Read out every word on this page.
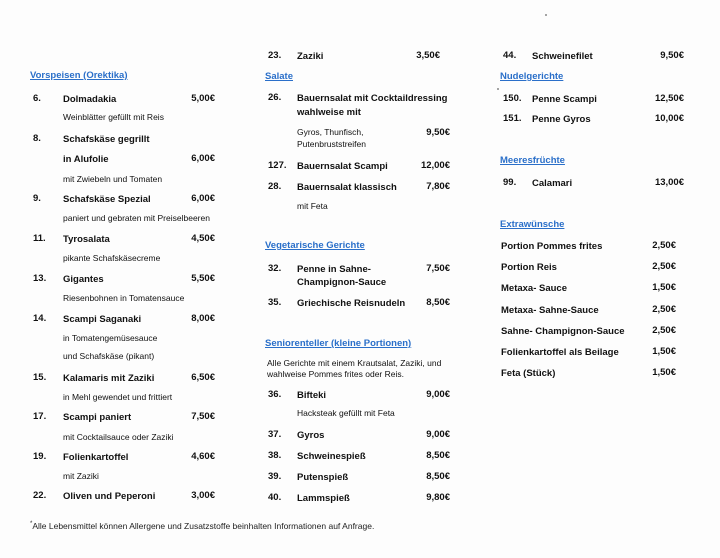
Vorspeisen (Orektika)
6. Dolmadakia	5,00€
Weinblätter gefüllt mit Reis
8. Schafskäse gegrillt
in Alufolie	6,00€
mit Zwiebeln und Tomaten
9. Schafskäse Spezial	6,00€
paniert und gebraten mit Preiselbeeren
11. Tyrosalata	4,50€
pikante Schafskäsecreme
13. Gigantes	5,50€
Riesenbohnen in Tomatensauce
14. Scampi Saganaki	8,00€
in Tomatengemüsesauce
und Schafskäse (pikant)
15. Kalamaris mit Zaziki	6,50€
in Mehl gewendet und frittiert
17. Scampi paniert	7,50€
mit Cocktailsauce oder Zaziki
19. Folienkartoffel	4,60€
mit Zaziki
22. Oliven und Peperoni	3,00€
23. Zaziki	3,50€
Salate
26. Bauernsalat mit Cocktaildressing
wahlweise mit
Gyros, Thunfisch,	9,50€
Putenbruststreifen
127. Bauernsalat Scampi	12,00€
28. Bauernsalat klassisch	7,80€
mit Feta
Vegetarische Gerichte
32. Penne in Sahne-	7,50€
Champignon-Sauce
35. Griechische Reisnudeln	8,50€
Seniorenteller (kleine Portionen)
Alle Gerichte mit einem Krautsalat, Zaziki, und wahlweise Pommes frites oder Reis.
36. Bifteki	9,00€
Hacksteak gefüllt mit Feta
37. Gyros	9,00€
38. Schweinespieß	8,50€
39. Putenspieß	8,50€
40. Lammspieß	9,80€
44. Schweinefilet	9,50€
Nudelgerichte
150. Penne Scampi	12,50€
151. Penne Gyros	10,00€
Meeresfrüchte
99. Calamari	13,00€
Extrawünsche
Portion Pommes frites	2,50€
Portion Reis	2,50€
Metaxa- Sauce	1,50€
Metaxa- Sahne-Sauce	2,50€
Sahne- Champignon-Sauce	2,50€
Folienkartoffel als Beilage	1,50€
Feta (Stück)	1,50€
*Alle Lebensmittel können Allergene und Zusatzstoffe beinhalten Informationen auf Anfrage.
